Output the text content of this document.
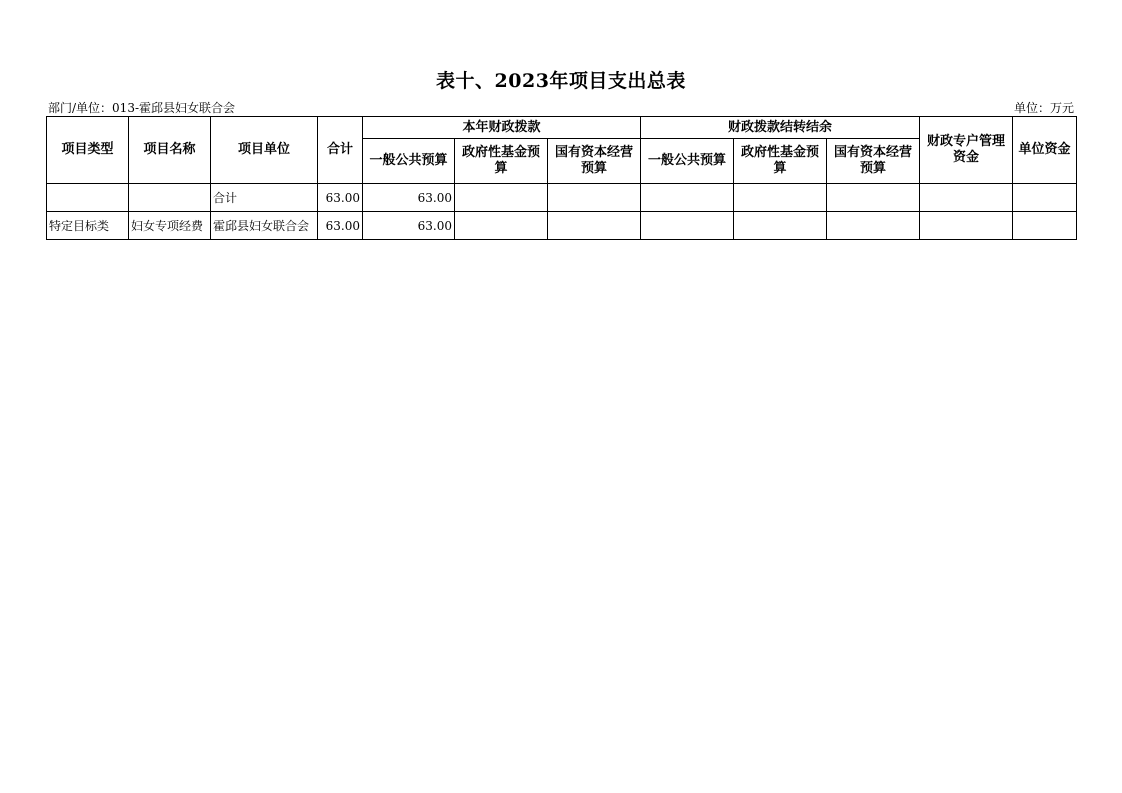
表十、2023年项目支出总表
部门/单位：013-霍邱县妇女联合会	单位：万元
项目类型	项目名称	项目单位	合计	本年财政拨款			财政拨款结转结余			财政专户管理资金	单位资金
				一般公共预算	政府性基金预算	国有资本经营预算	一般公共预算	政府性基金预算	国有资本经营预算		
		合计	63.00	63.00							
特定目标类	妇女专项经费	霍邱县妇女联合会	63.00	63.00							
